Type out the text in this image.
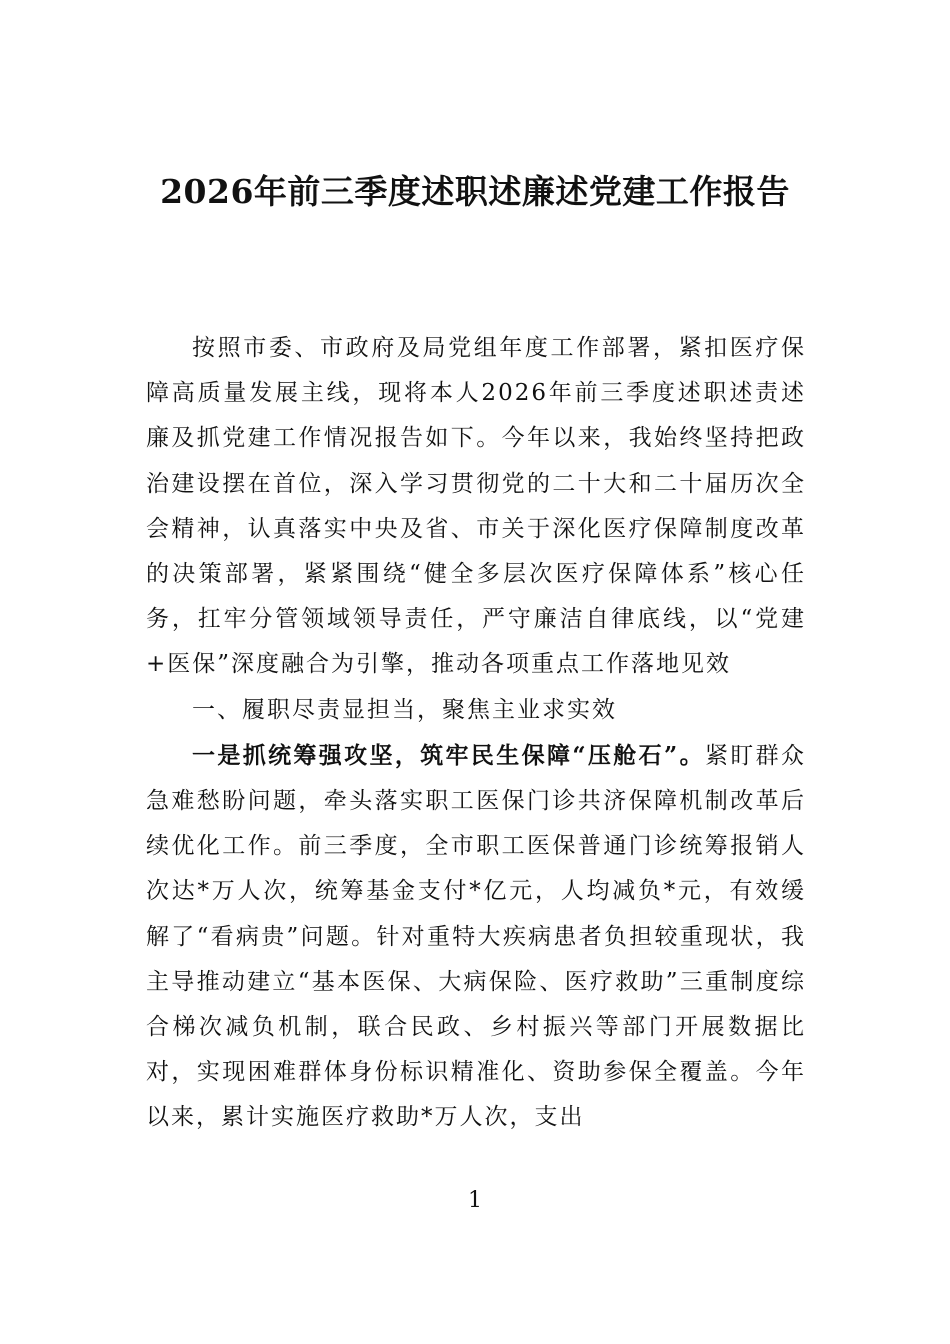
2026年前三季度述职述廉述党建工作报告

按照市委、市政府及局党组年度工作部署，紧扣医疗保障高质量发展主线，现将本人2026年前三季度述职述责述廉及抓党建工作情况报告如下。今年以来，我始终坚持把政治建设摆在首位，深入学习贯彻党的二十大和二十届历次全会精神，认真落实中央及省、市关于深化医疗保障制度改革的决策部署，紧紧围绕“健全多层次医疗保障体系”核心任务，扛牢分管领域领导责任，严守廉洁自律底线，以“党建+医保”深度融合为引擎，推动各项重点工作落地见效

一、履职尽责显担当，聚焦主业求实效

一是抓统筹强攻坚，筑牢民生保障“压舱石”。紧盯群众急难愁盼问题，牵头落实职工医保门诊共济保障机制改革后续优化工作。前三季度，全市职工医保普通门诊统筹报销人次达*万人次，统筹基金支付*亿元，人均减负*元，有效缓解了“看病贵”问题。针对重特大疾病患者负担较重现状，我主导推动建立“基本医保、大病保险、医疗救助”三重制度综合梯次减负机制，联合民政、乡村振兴等部门开展数据比对，实现困难群体身份标识精准化、资助参保全覆盖。今年以来，累计实施医疗救助*万人次，支出

1
